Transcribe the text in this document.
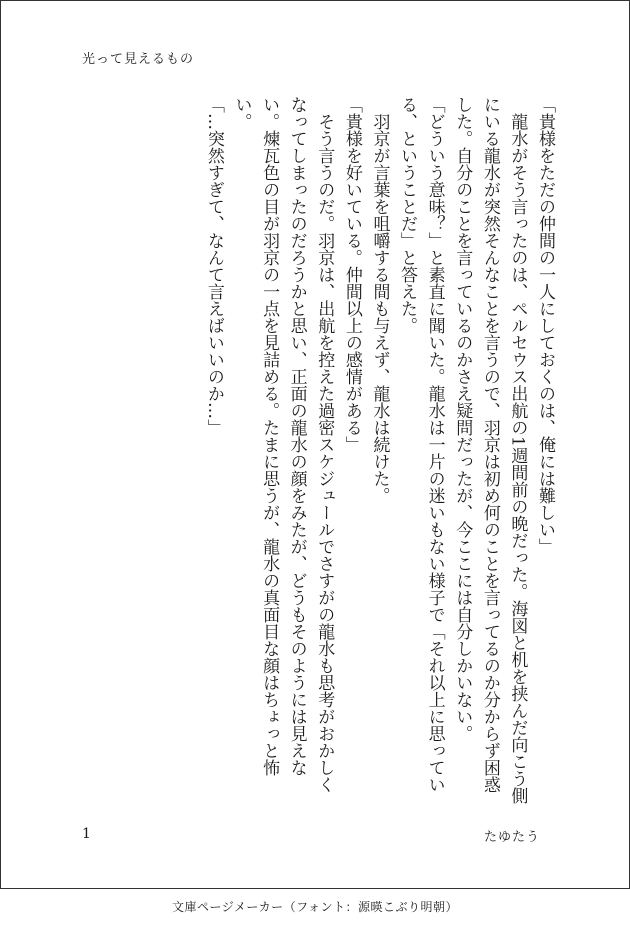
光って見えるもの

「貴様をただの仲間の一人にしておくのは、俺には難しい」

龍水がそう言ったのは、ペルセウス出航の1週間前の晩だった。海図と机を挟んだ向こう側にいる龍水が突然そんなことを言うので、羽京は初め何のことを言ってるのか分からず困惑した。自分のことを言っているのかさえ疑問だったが、今ここには自分しかいない。

「どういう意味？」と素直に聞いた。龍水は一片の迷いもない様子で「それ以上に思っている、ということだ」と答えた。

羽京が言葉を咀嚼する間も与えず、龍水は続けた。

「貴様を好いている。仲間以上の感情がある」

そう言うのだ。羽京は、出航を控えた過密スケジュールでさすがの龍水も思考がおかしくなってしまったのだろうかと思い、正面の龍水の顔をみたが、どうもそのようには見えない。煉瓦色の目が羽京の一点を見詰める。たまに思うが、龍水の真面目な顔はちょっと怖い。

「…突然すぎて、なんて言えばいいのか…」

1	たゆたう
文庫ページメーカー（フォント：源暎こぶり明朝）
